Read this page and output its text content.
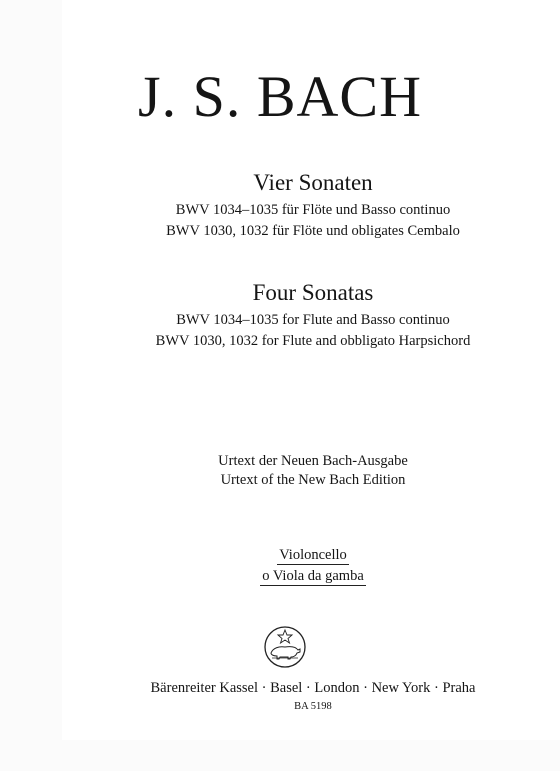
J. S. BACH
Vier Sonaten
BWV 1034–1035 für Flöte und Basso continuo
BWV 1030, 1032 für Flöte und obligates Cembalo
Four Sonatas
BWV 1034–1035 for Flute and Basso continuo
BWV 1030, 1032 for Flute and obbligato Harpsichord
Urtext der Neuen Bach-Ausgabe
Urtext of the New Bach Edition
Violoncello
o Viola da gamba
Bärenreiter Kassel · Basel · London · New York · Praha
BA 5198
